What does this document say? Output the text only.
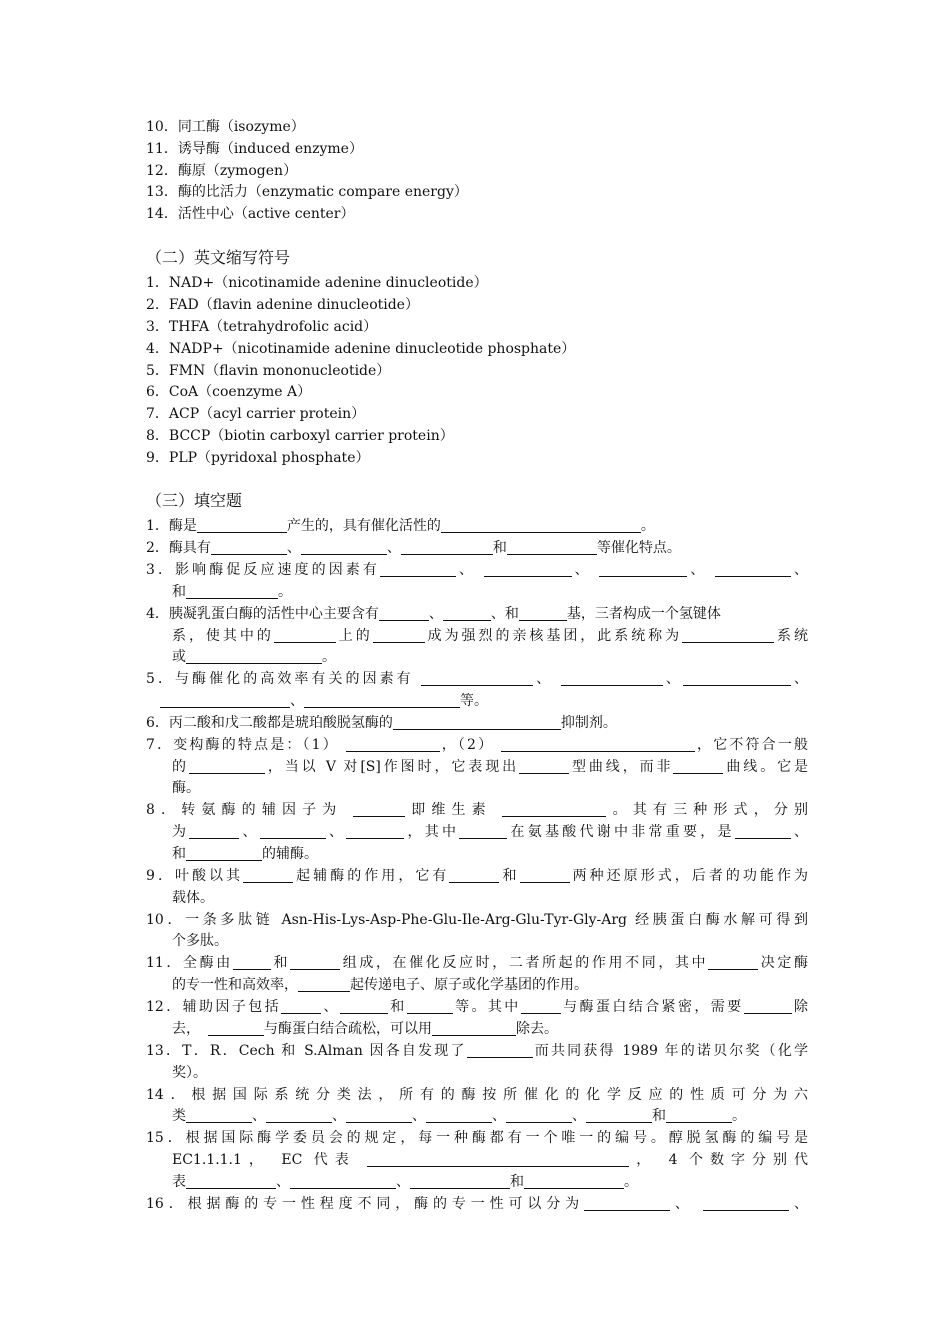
10．同工酶（isozyme）
11．诱导酶（induced enzyme）
12．酶原（zymogen）
13．酶的比活力（enzymatic compare energy）
14．活性中心（active center）
（二）英文缩写符号
1．NAD+（nicotinamide adenine dinucleotide）
2．FAD（flavin adenine dinucleotide）
3．THFA（tetrahydrofolic acid）
4．NADP+（nicotinamide adenine dinucleotide phosphate）
5．FMN（flavin mononucleotide）
6．CoA（coenzyme A）
7．ACP（acyl carrier protein）
8．BCCP（biotin carboxyl carrier protein）
9．PLP（pyridoxal phosphate）
（三）填空题
1．酶是	产生的，具有催化活性的	。
2．酶具有	、	、	和	等催化特点。
3．影响酶促反应速度的因素有	、	、	、	、
和	。
4．胰凝乳蛋白酶的活性中心主要含有	、	、和	基，三者构成一个氢键体
系，使其中的	上的	成为强烈的亲核基团，此系统称为	系统
或	。
5．与酶催化的高效率有关的因素有	、	、	、
、	等。
6．丙二酸和戊二酸都是琥珀酸脱氢酶的	抑制剂。
7．变构酶的特点是：（1）	，（2）	，它不符合一般
的	，当以 V 对[S]作图时，它表现出	型曲线，而非	曲线。它是
酶。
8．转氨酶的辅因子为	即维生素	。其有三种形式，分别
为	、	、	，其中	在氨基酸代谢中非常重要，是	、
和	的辅酶。
9．叶酸以其	起辅酶的作用，它有	和	两种还原形式，后者的功能作为
载体。
10．一条多肽链 Asn-His-Lys-Asp-Phe-Glu-Ile-Arg-Glu-Tyr-Gly-Arg 经胰蛋白酶水解可得到
个多肽。
11．全酶由	和	组成，在催化反应时，二者所起的作用不同，其中	决定酶
的专一性和高效率，	起传递电子、原子或化学基团的作用。
12．辅助因子包括	、	和	等。其中	与酶蛋白结合紧密，需要	除
去，	与酶蛋白结合疏松，可以用	除去。
13．T．R．Cech 和 S.Alman 因各自发现了	而共同获得 1989 年的诺贝尔奖（化学
奖）。
14．根据国际系统分类法，所有的酶按所催化的化学反应的性质可分为六
类	、	、	、	、	、	和	。
15．根据国际酶学委员会的规定，每一种酶都有一个唯一的编号。醇脱氢酶的编号是
EC1.1.1.1， EC 代表	， 4 个数字分别代
表	、	、	和	。
16．根据酶的专一性程度不同，酶的专一性可以分为	、	、
